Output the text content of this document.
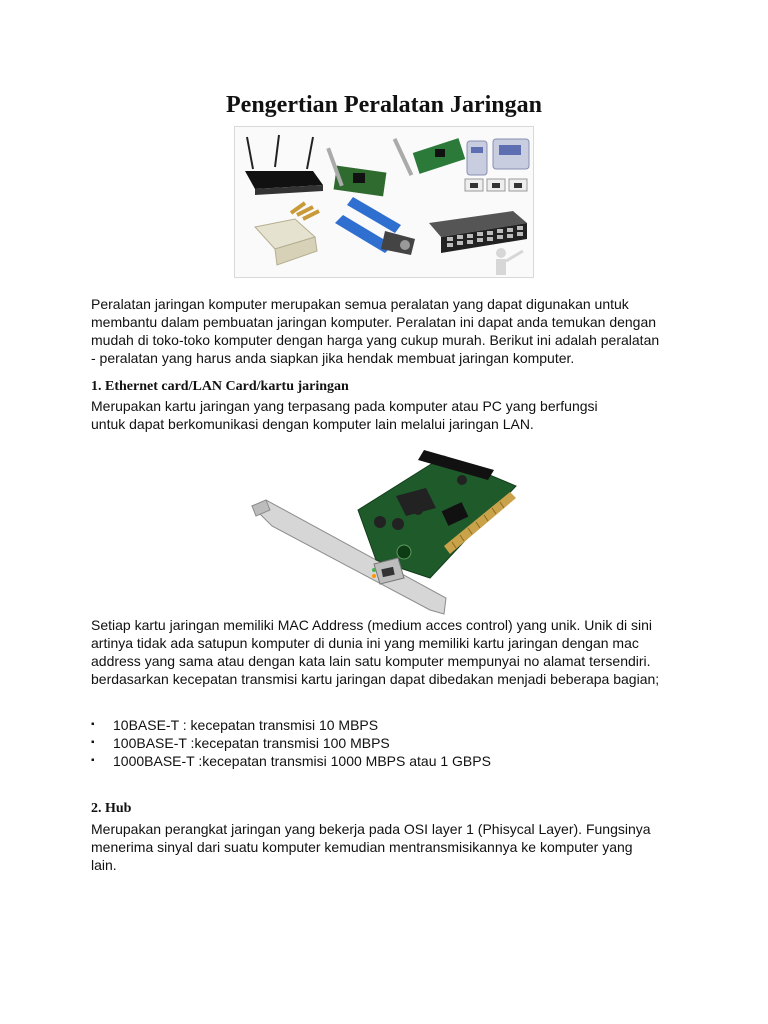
Pengertian Peralatan Jaringan

Peralatan jaringan komputer merupakan semua peralatan yang dapat digunakan untuk
membantu dalam pembuatan jaringan komputer. Peralatan ini dapat anda temukan dengan
mudah di toko-toko komputer dengan harga yang cukup murah. Berikut ini adalah peralatan
- peralatan yang harus anda siapkan jika hendak membuat jaringan komputer.

1. Ethernet card/LAN Card/kartu jaringan

Merupakan kartu jaringan yang terpasang pada komputer atau PC yang berfungsi
untuk dapat berkomunikasi dengan komputer lain melalui jaringan LAN.

Setiap kartu jaringan memiliki MAC Address (medium acces control) yang unik. Unik di sini
artinya tidak ada satupun komputer di dunia ini yang memiliki kartu jaringan dengan mac
address yang sama atau dengan kata lain satu komputer mempunyai no alamat tersendiri.
berdasarkan kecepatan transmisi kartu jaringan dapat dibedakan menjadi beberapa bagian;

▪ 10BASE-T : kecepatan transmisi 10 MBPS
▪ 100BASE-T :kecepatan transmisi 100 MBPS
▪ 1000BASE-T :kecepatan transmisi 1000 MBPS atau 1 GBPS
2. Hub

Merupakan perangkat jaringan yang bekerja pada OSI layer 1 (Phisycal Layer). Fungsinya
menerima sinyal dari suatu komputer kemudian mentransmisikannya ke komputer yang
lain.
